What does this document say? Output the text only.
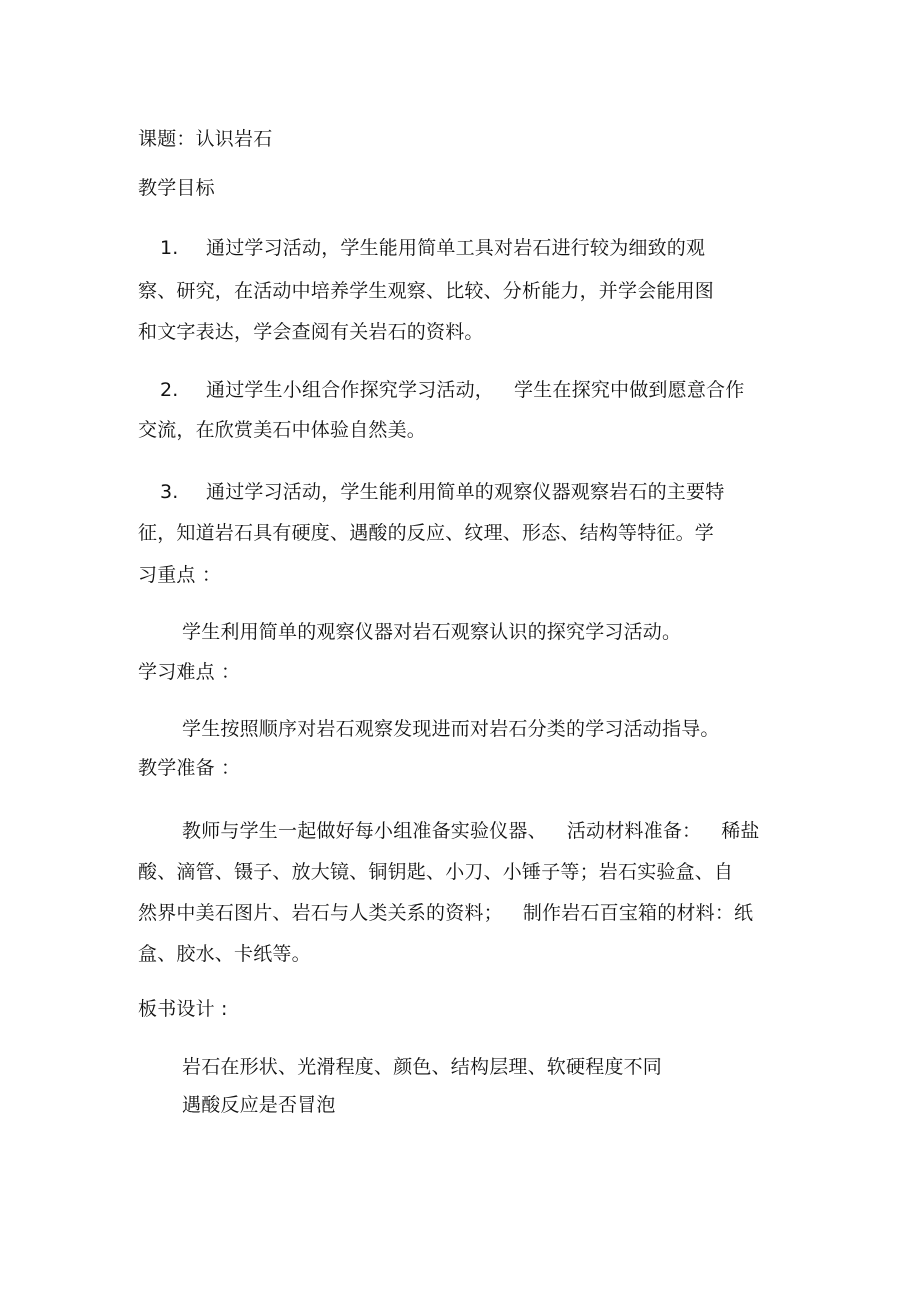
课题：认识岩石
教学目标
1. 通过学习活动，学生能用简单工具对岩石进行较为细致的观
察、研究，在活动中培养学生观察、比较、分析能力，并学会能用图
和文字表达，学会查阅有关岩石的资料。
2. 通过学生小组合作探究学习活动， 学生在探究中做到愿意合作
交流，在欣赏美石中体验自然美。
3. 通过学习活动，学生能利用简单的观察仪器观察岩石的主要特
征，知道岩石具有硬度、遇酸的反应、纹理、形态、结构等特征。学
习重点 ：
学生利用简单的观察仪器对岩石观察认识的探究学习活动。
学习难点 ：
学生按照顺序对岩石观察发现进而对岩石分类的学习活动指导。
教学准备 ：
教师与学生一起做好每小组准备实验仪器、 活动材料准备： 稀盐
酸、滴管、镊子、放大镜、铜钥匙、小刀、小锤子等；岩石实验盒、自
然界中美石图片、岩石与人类关系的资料； 制作岩石百宝箱的材料：纸
盒、胶水、卡纸等。
板书设计 :
岩石在形状、光滑程度、颜色、结构层理、软硬程度不同
遇酸反应是否冒泡
